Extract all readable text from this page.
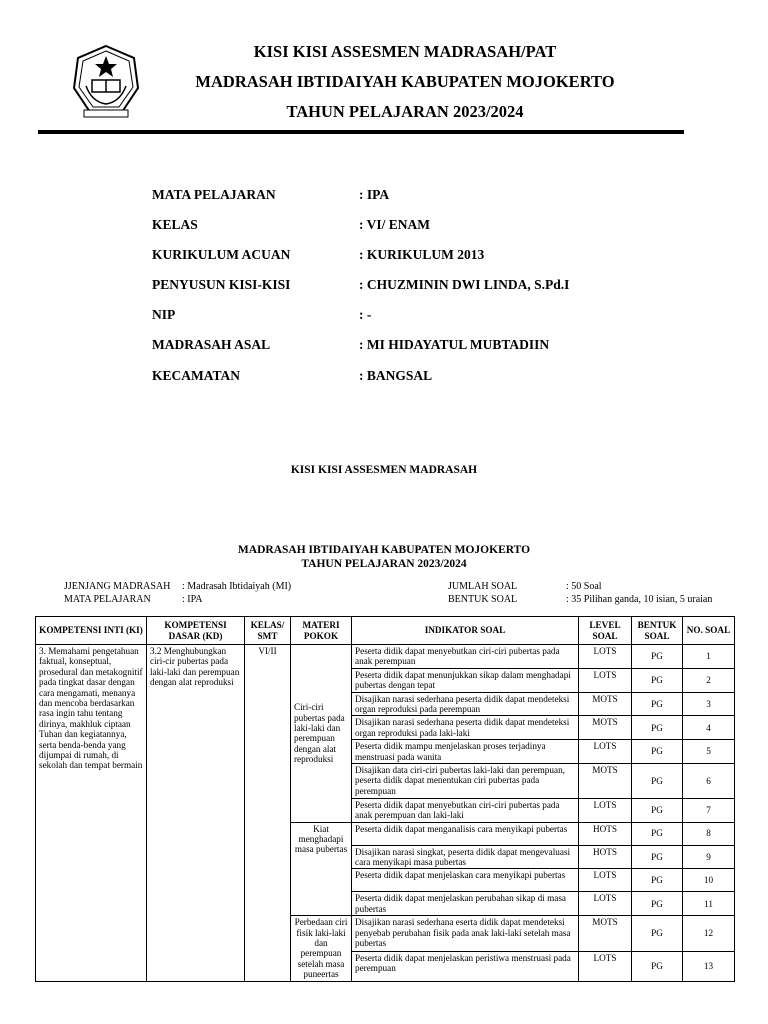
KISI KISI ASSESMEN MADRASAH/PAT
MADRASAH IBTIDAIYAH KABUPATEN MOJOKERTO
TAHUN PELAJARAN 2023/2024
MATA PELAJARAN	: IPA
KELAS	: VI/ ENAM
KURIKULUM ACUAN	: KURIKULUM 2013
PENYUSUN KISI-KISI	: CHUZMININ DWI LINDA, S.Pd.I
NIP	: -
MADRASAH ASAL	: MI HIDAYATUL MUBTADIIN
KECAMATAN	: BANGSAL
KISI KISI ASSESMEN MADRASAH
MADRASAH IBTIDAIYAH KABUPATEN MOJOKERTO
TAHUN PELAJARAN 2023/2024
JJENJANG MADRASAH : Madrasah Ibtidaiyah (MI)
MATA PELAJARAN	: IPA
JUMLAH SOAL	: 50 Soal
BENTUK SOAL	: 35 Pilihan ganda, 10 isian, 5 uraian
KOMPETENSI INTI (KI)	KOMPETENSI DASAR (KD)	KELAS/ SMT	MATERI POKOK	INDIKATOR SOAL	LEVEL SOAL	BENTUK SOAL	NO. SOAL
3. Memahami pengetahuan faktual, konseptual, prosedural dan metakognitif pada tingkat dasar dengan cara mengamati, menanya dan mencoba berdasarkan rasa ingin tahu tentang dirinya, makhluk ciptaan Tuhan dan kegiatannya, serta benda-benda yang dijumpai di rumah, di sekolah dan tempat bermain	3.2 Menghubungkan ciri-cir pubertas pada laki-laki dan perempuan dengan alat reproduksi	VI/II	Ciri-ciri pubertas pada laki-laki dan perempuan dengan alat reproduksi	Peserta didik dapat menyebutkan ciri-ciri pubertas pada anak perempuan	LOTS	PG	1
				Peserta didik dapat menunjukkan sikap dalam menghadapi pubertas dengan tepat	LOTS	PG	2
				Disajikan narasi sederhana peserta didik dapat mendeteksi organ reproduksi pada perempuan	MOTS	PG	3
				Disajikan narasi sederhana peserta didik dapat mendeteksi organ reproduksi pada laki-laki	MOTS	PG	4
				Peserta didik mampu menjelaskan proses terjadinya menstruasi pada wanita	LOTS	PG	5
				Disajikan data ciri-ciri pubertas laki-laki dan perempuan, peserta didik dapat menentukan ciri pubertas pada perempuan	MOTS	PG	6
				Peserta didik dapat menyebutkan ciri-ciri pubertas pada anak perempuan dan laki-laki	LOTS	PG	7
			Kiat menghadapi masa pubertas	Peserta didik dapat menganalisis cara menyikapi pubertas	HOTS	PG	8
				Disajikan narasi singkat, peserta didik dapat mengevaluasi cara menyikapi masa pubertas	HOTS	PG	9
				Peserta didik dapat menjelaskan cara menyikapi pubertas	LOTS	PG	10
				Peserta didik dapat menjelaskan perubahan sikap di masa pubertas	LOTS	PG	11
			Perbedaan ciri fisik laki-laki dan perempuan setelah masa puneertas	Disajikan narasi sederhana eserta didik dapat mendeteksi penyebab perubahan fisik pada anak laki-laki setelah masa pubertas	MOTS	PG	12
				Peserta didik dapat menjelaskan peristiwa menstruasi pada perempuan	LOTS	PG	13
